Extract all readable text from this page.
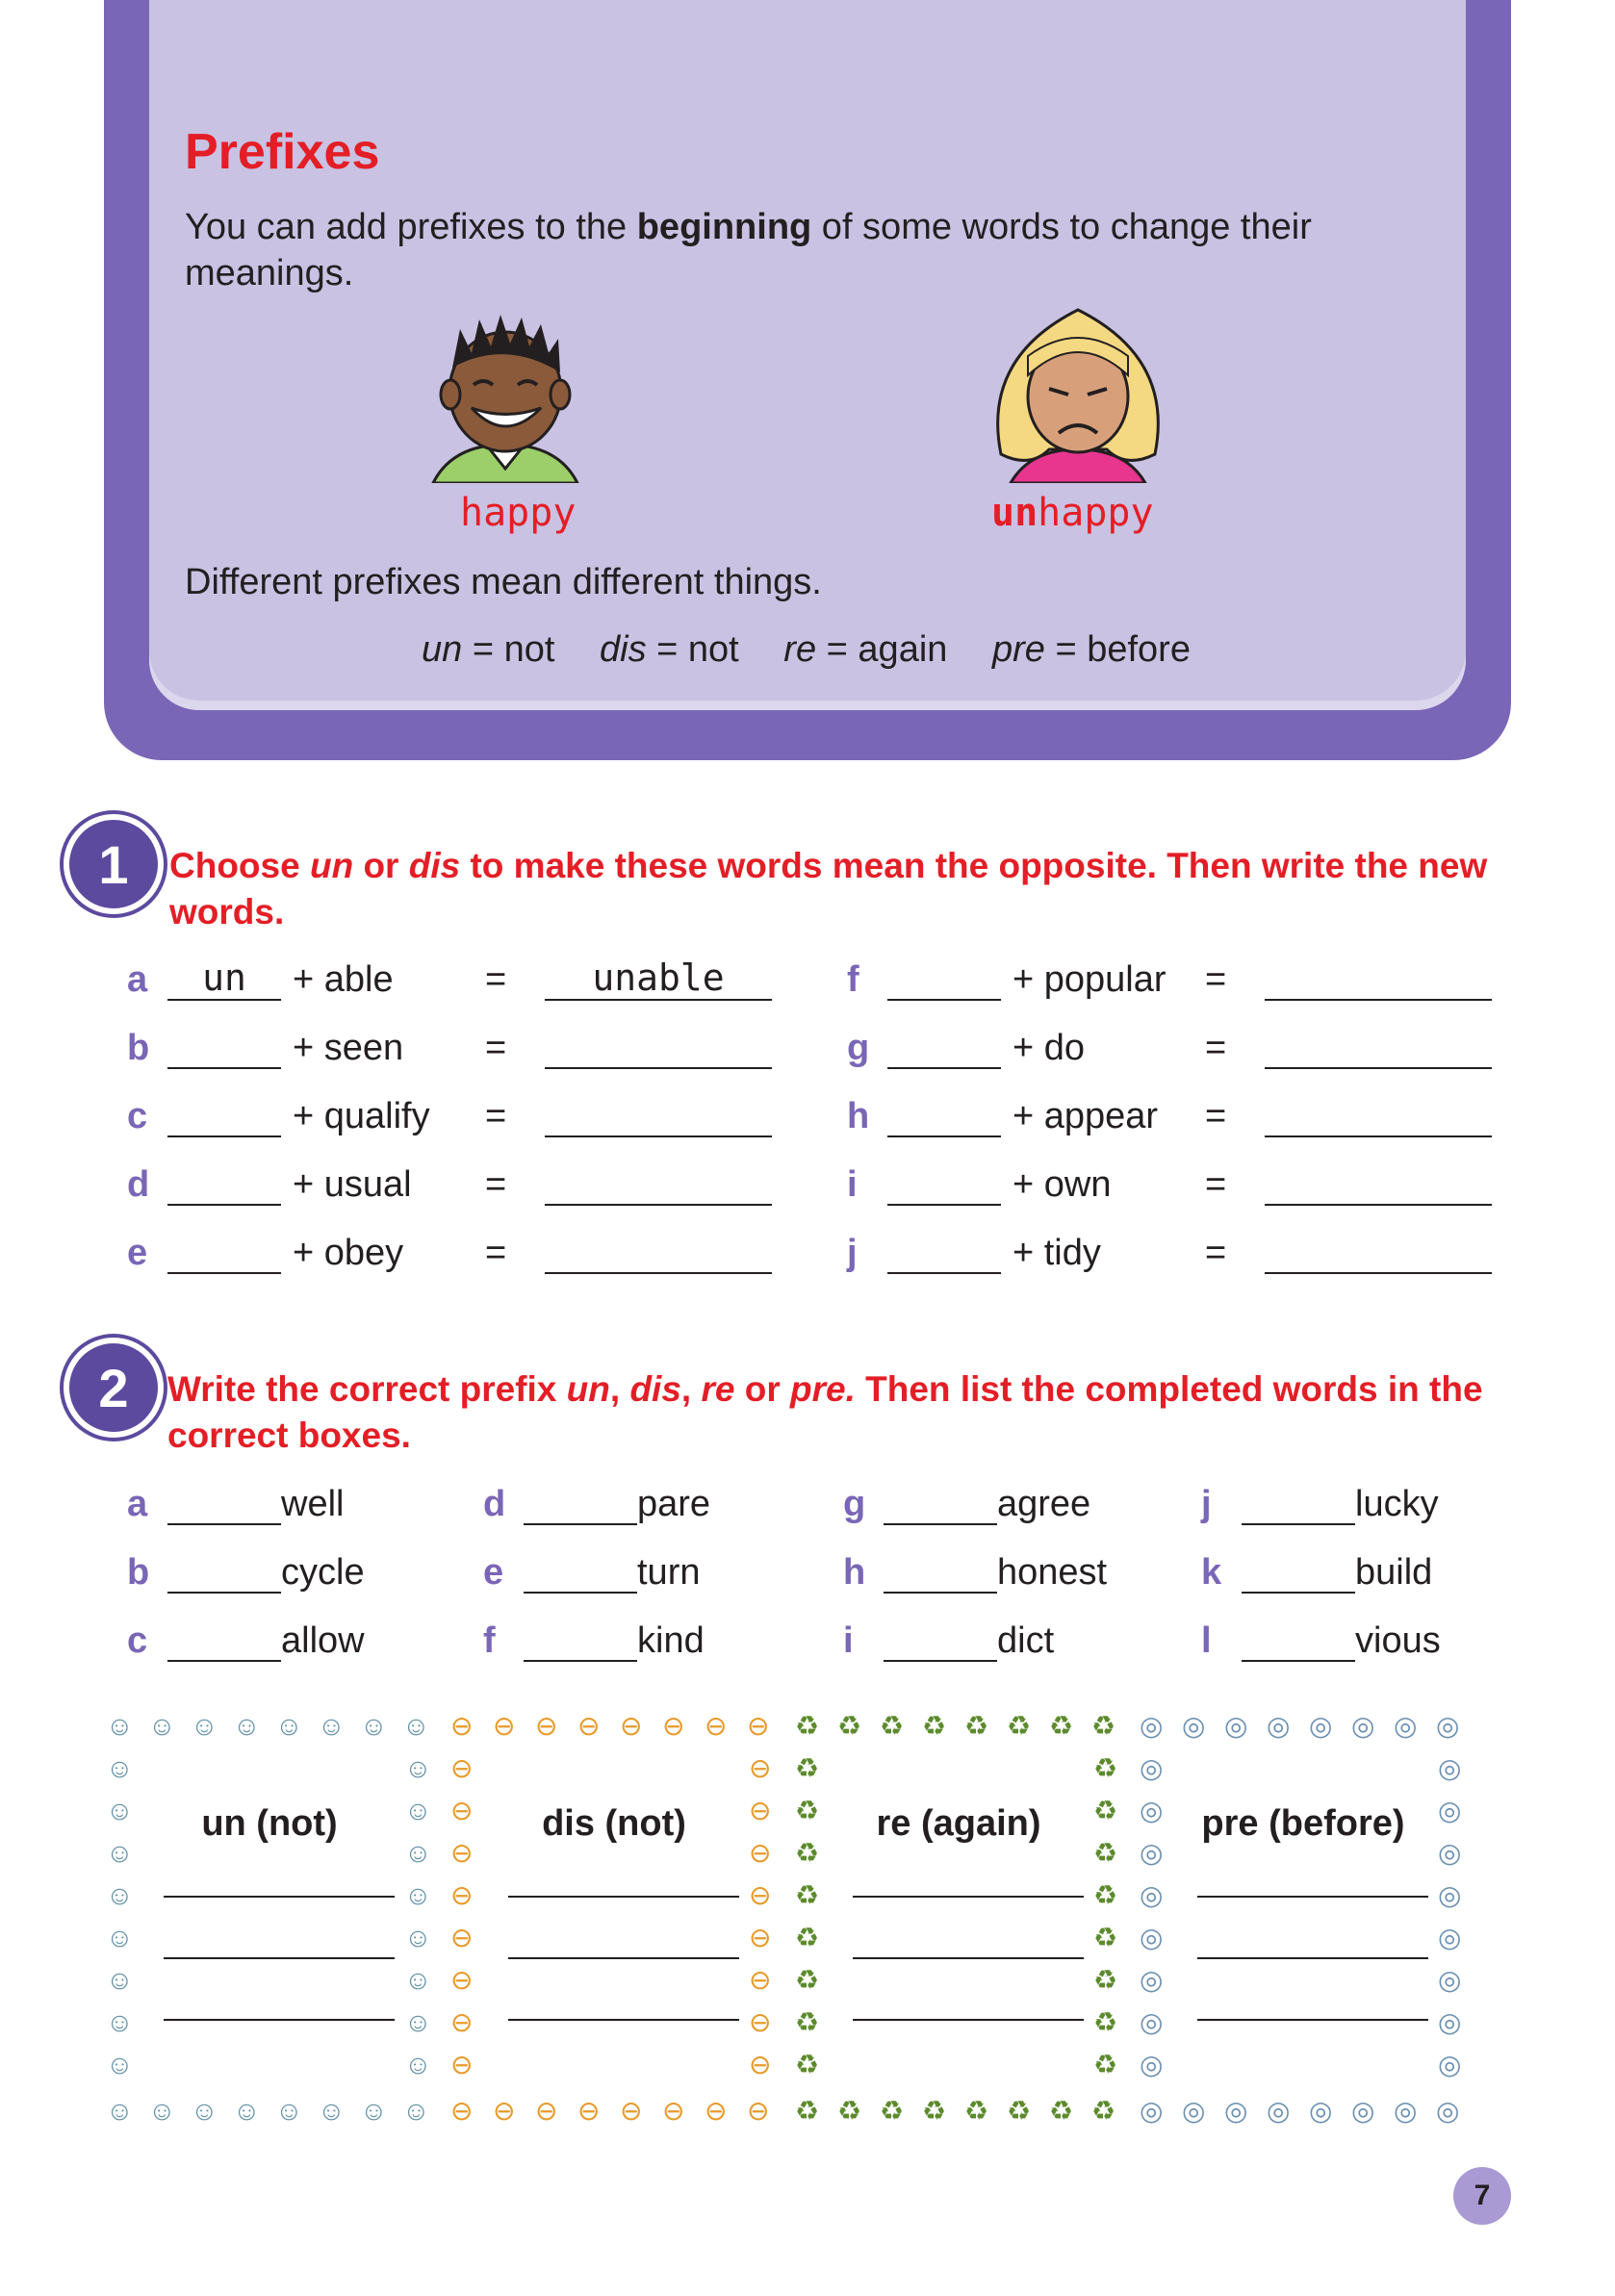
Prefixes
You can add prefixes to the beginning of some words to change their meanings.
happy	unhappy
Different prefixes mean different things.
un = not dis = not re = again pre = before
1	Choose un or dis to make these words mean the opposite. Then write the new words.
a	un	+ able	=	unable
b	+ seen	=
c	+ qualify	=
d	+ usual	=
e	+ obey	=
f	+ popular	=
g	+ do	=
h	+ appear	=
i	+ own	=
j	+ tidy	=
2	Write the correct prefix un, dis, re or pre. Then list the completed words in the correct boxes.
a	well
b	cycle
c	allow
d	pare
e	turn
f	kind
g	agree
h	honest
i	dict
j	lucky
k	build
l	vious
un (not)
☺
☺
☺
☺
☺
☺
☺
☺
☺
☺
☺
☺
☺
☺
☺
☺
☺	☺
☺	☺
☺	☺
☺	☺
☺	☺
☺	☺
☺	☺
☺	☺
dis (not)
⊖
⊖
⊖
⊖
⊖
⊖
⊖
⊖
⊖
⊖
⊖
⊖
⊖
⊖
⊖
⊖
⊖	⊖
⊖	⊖
⊖	⊖
⊖	⊖
⊖	⊖
⊖	⊖
⊖	⊖
⊖	⊖
re (again)
♻
♻
♻
♻
♻
♻
♻
♻
♻
♻
♻
♻
♻
♻
♻
♻
♻	♻
♻	♻
♻	♻
♻	♻
♻	♻
♻	♻
♻	♻
♻	♻
pre (before)
◎
◎
◎
◎
◎
◎
◎
◎
◎
◎
◎
◎
◎
◎
◎
◎
◎	◎
◎	◎
◎	◎
◎	◎
◎	◎
◎	◎
◎	◎
◎	◎
7
